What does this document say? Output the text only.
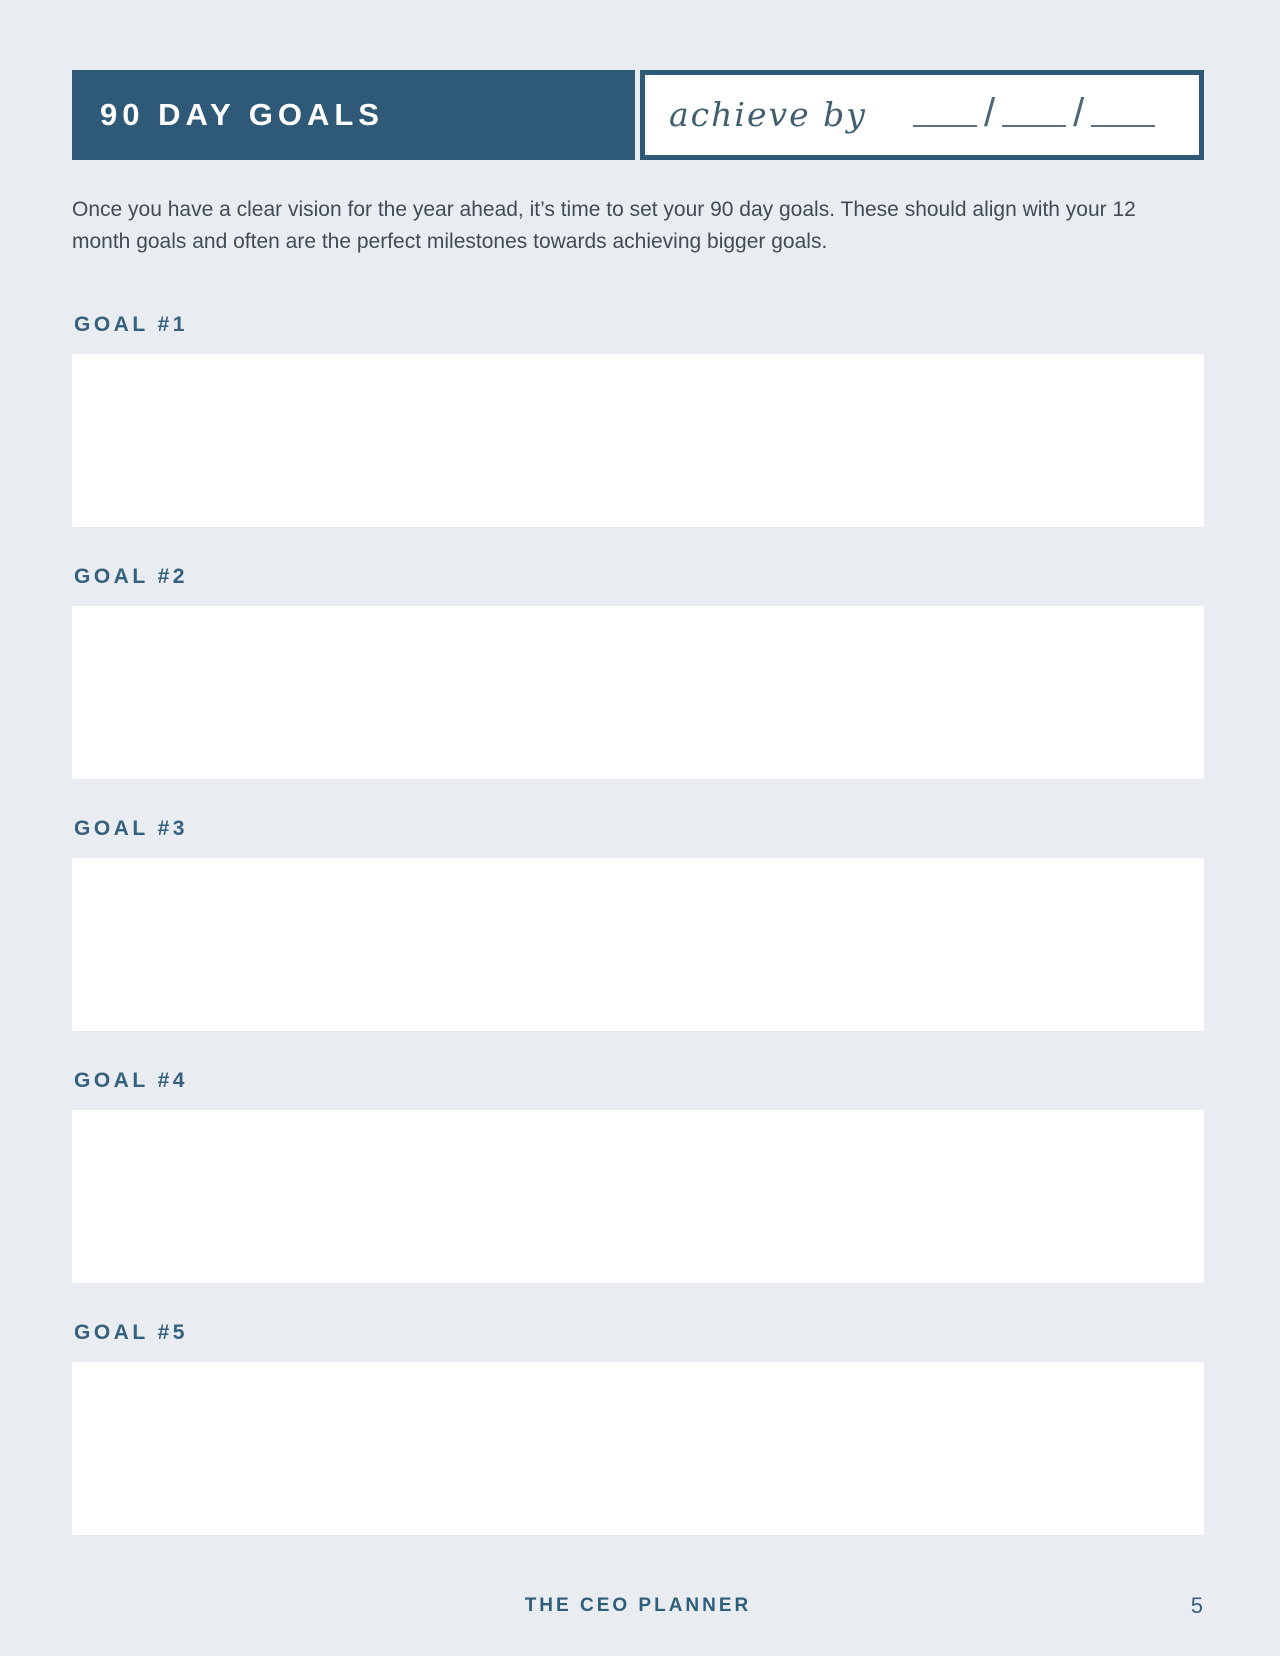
90 DAY GOALS	achieve by	/ /

Once you have a clear vision for the year ahead, it’s time to set your 90 day goals. These should align with your 12 month goals and often are the perfect milestones towards achieving bigger goals.

GOAL #1
GOAL #2
GOAL #3
GOAL #4
GOAL #5
THE CEO PLANNER	5
